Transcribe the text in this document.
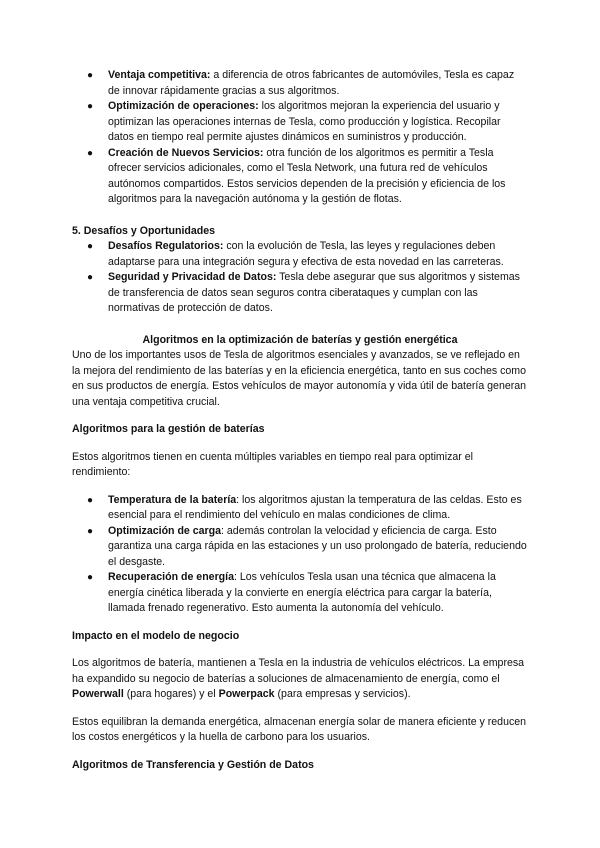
● Ventaja competitiva: a diferencia de otros fabricantes de automóviles, Tesla es capaz de innovar rápidamente gracias a sus algoritmos.
● Optimización de operaciones: los algoritmos mejoran la experiencia del usuario y optimizan las operaciones internas de Tesla, como producción y logística. Recopilar datos en tiempo real permite ajustes dinámicos en suministros y producción.
● Creación de Nuevos Servicios: otra función de los algoritmos es permitir a Tesla ofrecer servicios adicionales, como el Tesla Network, una futura red de vehículos autónomos compartidos. Estos servicios dependen de la precisión y eficiencia de los algoritmos para la navegación autónoma y la gestión de flotas.

5. Desafíos y Oportunidades

● Desafíos Regulatorios: con la evolución de Tesla, las leyes y regulaciones deben adaptarse para una integración segura y efectiva de esta novedad en las carreteras.
● Seguridad y Privacidad de Datos: Tesla debe asegurar que sus algoritmos y sistemas de transferencia de datos sean seguros contra ciberataques y cumplan con las normativas de protección de datos.

Algoritmos en la optimización de baterías y gestión energética

Uno de los importantes usos de Tesla de algoritmos esenciales y avanzados, se ve reflejado en la mejora del rendimiento de las baterías y en la eficiencia energética, tanto en sus coches como en sus productos de energía. Estos vehículos de mayor autonomía y vida útil de batería generan una ventaja competitiva crucial.

Algoritmos para la gestión de baterías

Estos algoritmos tienen en cuenta múltiples variables en tiempo real para optimizar el rendimiento:

● Temperatura de la batería: los algoritmos ajustan la temperatura de las celdas. Esto es esencial para el rendimiento del vehículo en malas condiciones de clima.
● Optimización de carga: además controlan la velocidad y eficiencia de carga. Esto garantiza una carga rápida en las estaciones y un uso prolongado de batería, reduciendo el desgaste.
● Recuperación de energía: Los vehículos Tesla usan una técnica que almacena la energía cinética liberada y la convierte en energía eléctrica para cargar la batería, llamada frenado regenerativo. Esto aumenta la autonomía del vehículo.

Impacto en el modelo de negocio

Los algoritmos de batería, mantienen a Tesla en la industria de vehículos eléctricos. La empresa ha expandido su negocio de baterías a soluciones de almacenamiento de energía, como el Powerwall (para hogares) y el Powerpack (para empresas y servicios).

Estos equilibran la demanda energética, almacenan energía solar de manera eficiente y reducen los costos energéticos y la huella de carbono para los usuarios.

Algoritmos de Transferencia y Gestión de Datos
